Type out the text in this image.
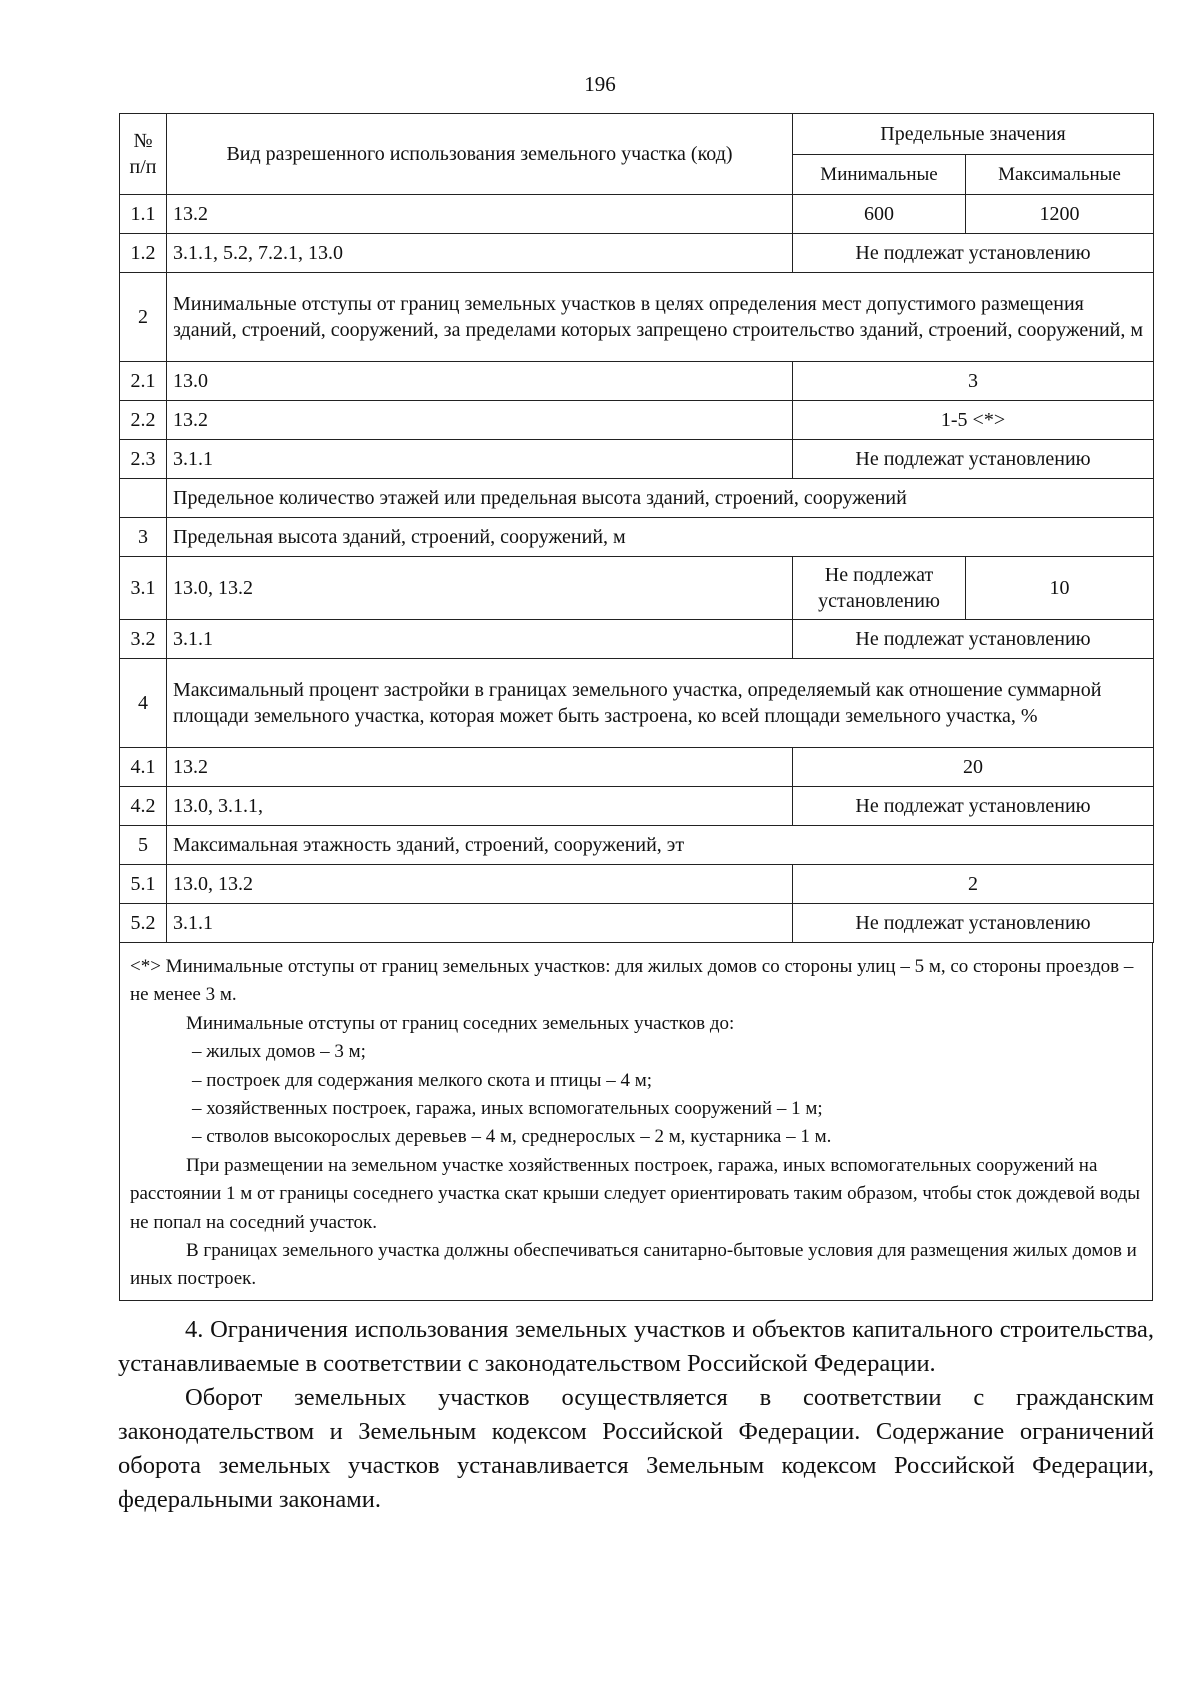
196
№ п/п	Вид разрешенного использования земельного участка (код)	Предельные значения	
		Минимальные	Максимальные
1.1	13.2	600	1200
1.2	3.1.1, 5.2, 7.2.1, 13.0	Не подлежат установлению	
2	Минимальные отступы от границ земельных участков в целях определения мест допустимого размещения зданий, строений, сооружений, за пределами которых запрещено строительство зданий, строений, сооружений, м		
2.1	13.0	3	
2.2	13.2	1-5 <*>	
2.3	3.1.1	Не подлежат установлению	
	Предельное количество этажей или предельная высота зданий, строений, сооружений		
3	Предельная высота зданий, строений, сооружений, м		
3.1	13.0, 13.2	Не подлежат установлению	10
3.2	3.1.1	Не подлежат установлению	
4	Максимальный процент застройки в границах земельного участка, определяемый как отношение суммарной площади земельного участка, которая может быть застроена, ко всей площади земельного участка, %		
4.1	13.2	20	
4.2	13.0, 3.1.1,	Не подлежат установлению	
5	Максимальная этажность зданий, строений, сооружений, эт		
5.1	13.0, 13.2	2	
5.2	3.1.1	Не подлежат установлению	

<*> Минимальные отступы от границ земельных участков: для жилых домов со стороны улиц – 5 м, со стороны проездов – не менее 3 м.

Минимальные отступы от границ соседних земельных участков до:

– жилых домов – 3 м;

– построек для содержания мелкого скота и птицы – 4 м;

– хозяйственных построек, гаража, иных вспомогательных сооружений – 1 м;

– стволов высокорослых деревьев – 4 м, среднерослых – 2 м, кустарника – 1 м.

При размещении на земельном участке хозяйственных построек, гаража, иных вспомогательных сооружений на расстоянии 1 м от границы соседнего участка скат крыши следует ориентировать таким образом, чтобы сток дождевой воды не попал на соседний участок.

В границах земельного участка должны обеспечиваться санитарно-бытовые условия для размещения жилых домов и иных построек.

4. Ограничения использования земельных участков и объектов капитального строительства, устанавливаемые в соответствии с законодательством Российской Федерации.

Оборот земельных участков осуществляется в соответствии с гражданским законодательством и Земельным кодексом Российской Федерации. Содержание ограничений оборота земельных участков устанавливается Земельным кодексом Российской Федерации, федеральными законами.
